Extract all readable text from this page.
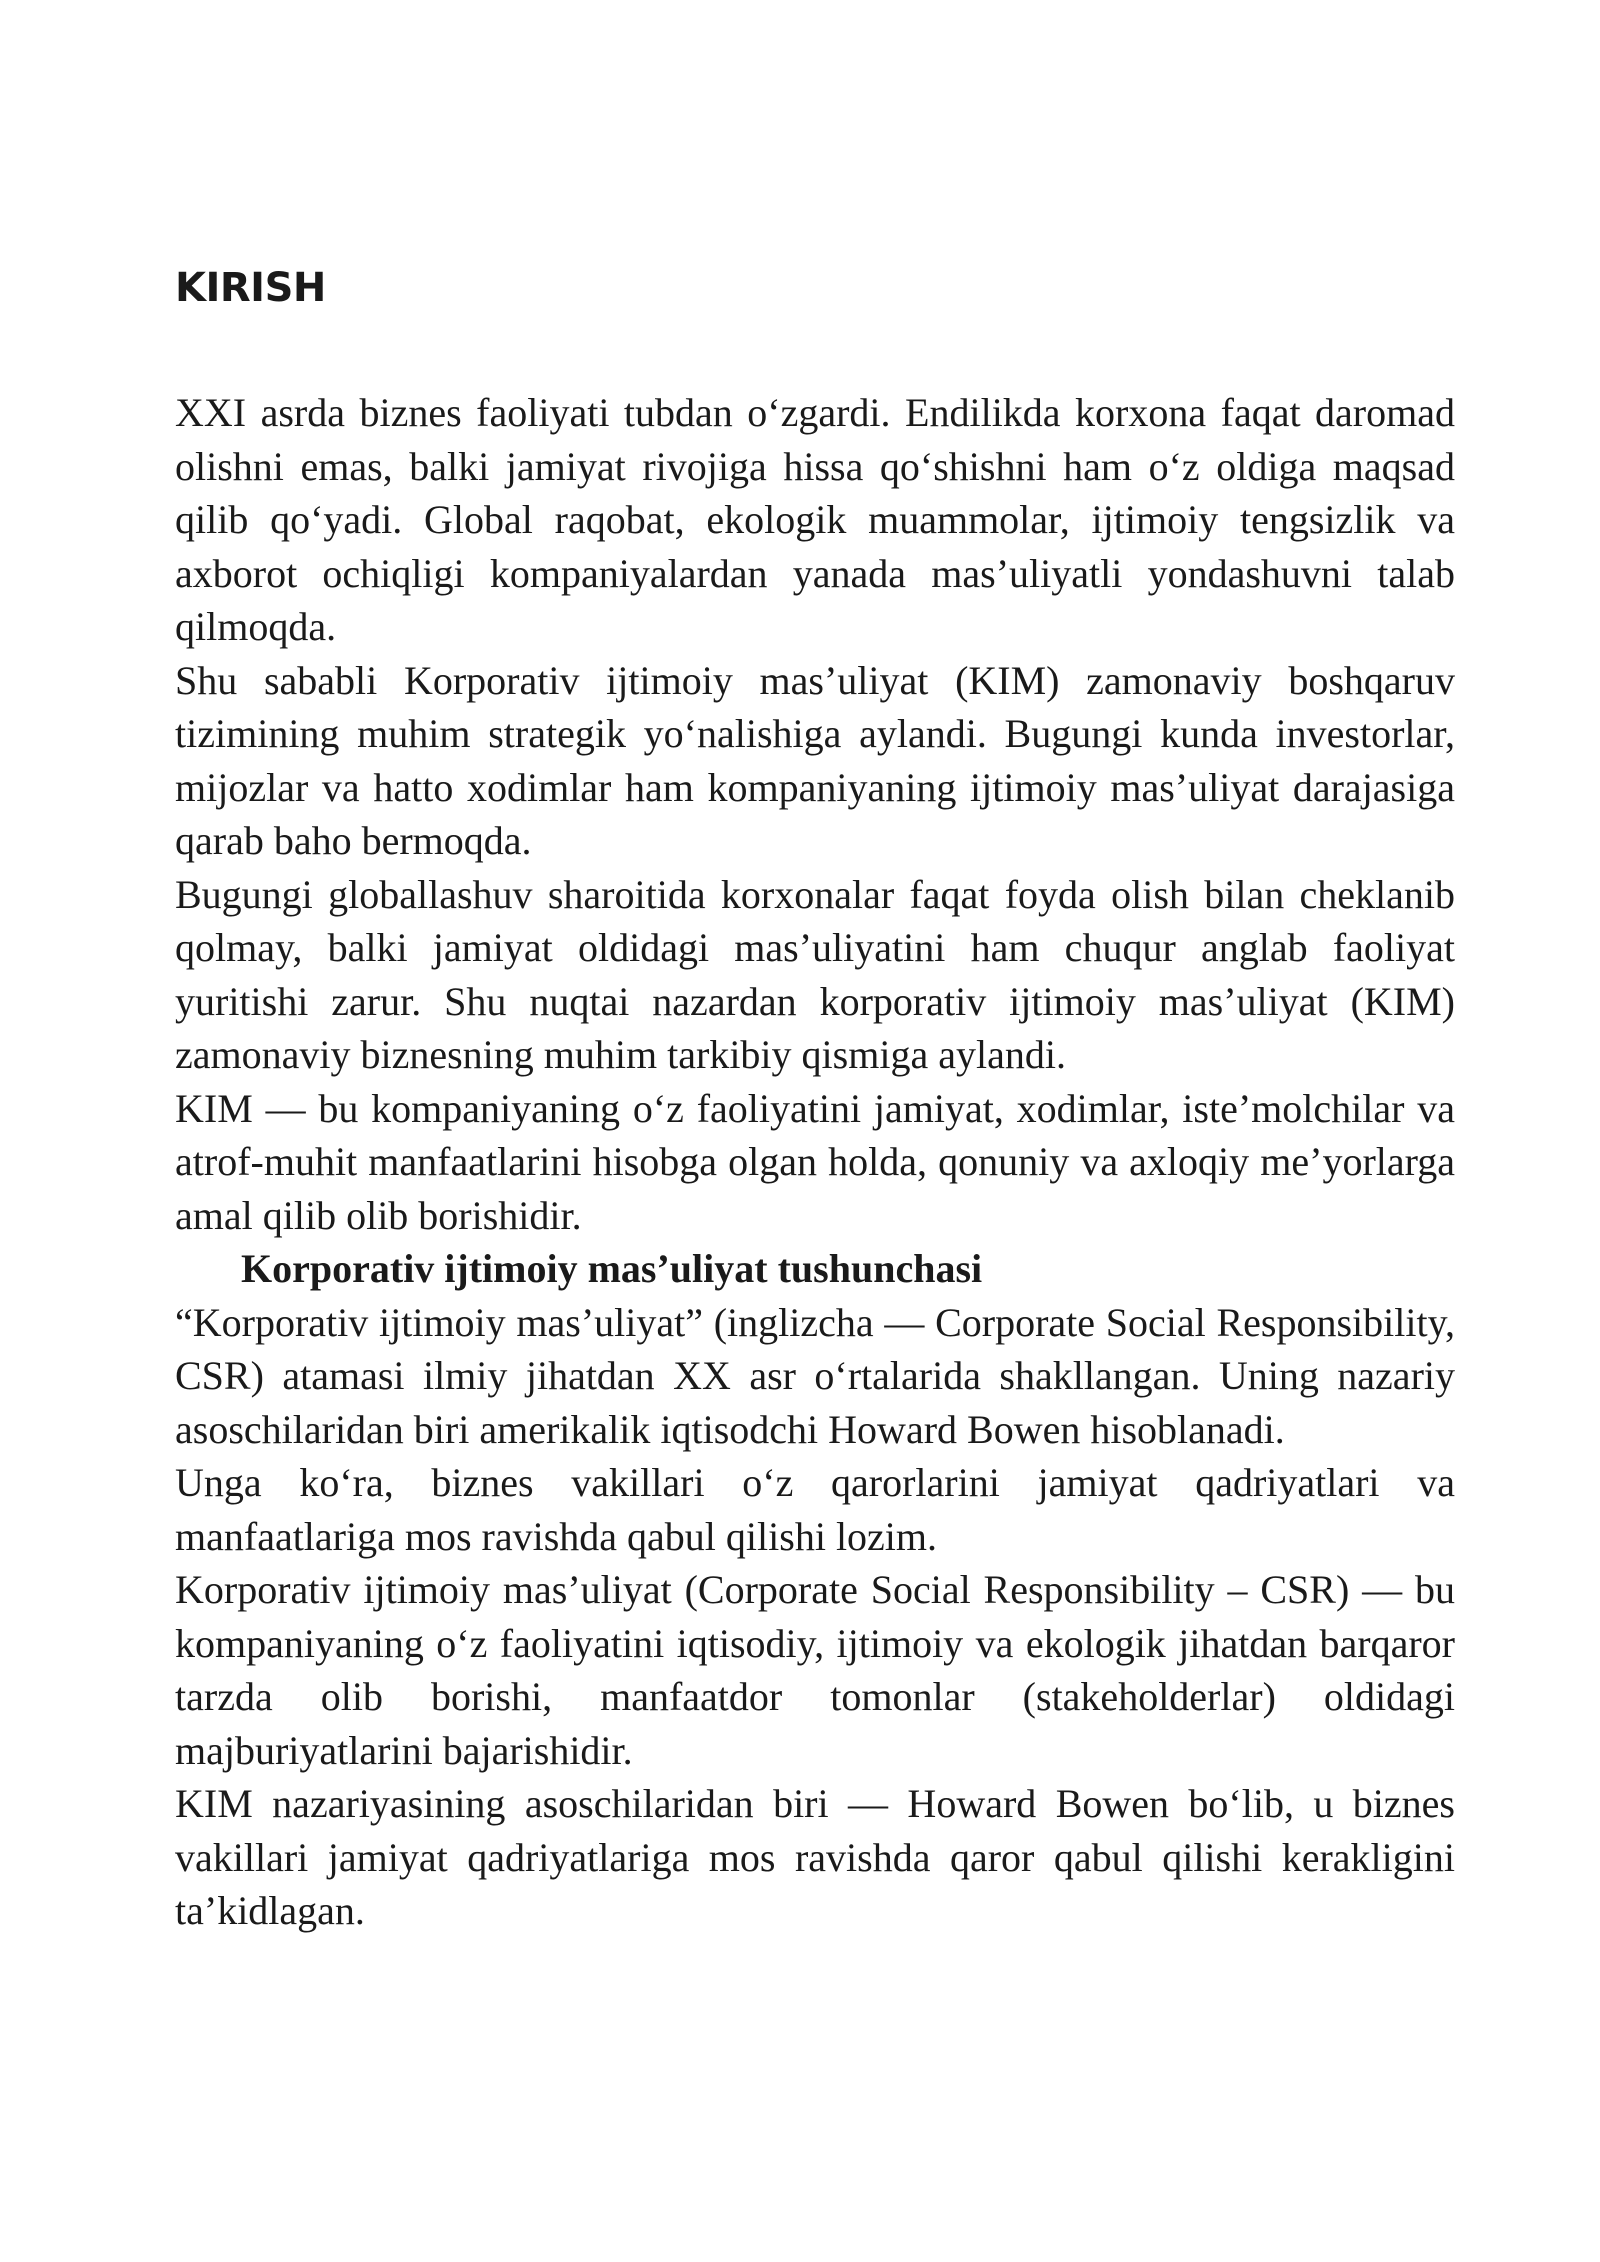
KIRISH

XXI asrda biznes faoliyati tubdan o‘zgardi. Endilikda korxona faqat daromad olishni emas, balki jamiyat rivojiga hissa qo‘shishni ham o‘z oldiga maqsad qilib qo‘yadi. Global raqobat, ekologik muammolar, ijtimoiy tengsizlik va axborot ochiqligi kompaniyalardan yanada mas’uliyatli yondashuvni talab qilmoqda.

Shu sababli Korporativ ijtimoiy mas’uliyat (KIM) zamonaviy boshqaruv tizimining muhim strategik yo‘nalishiga aylandi. Bugungi kunda investorlar, mijozlar va hatto xodimlar ham kompaniyaning ijtimoiy mas’uliyat darajasiga qarab baho bermoqda.

Bugungi globallashuv sharoitida korxonalar faqat foyda olish bilan cheklanib qolmay, balki jamiyat oldidagi mas’uliyatini ham chuqur anglab faoliyat yuritishi zarur. Shu nuqtai nazardan korporativ ijtimoiy mas’uliyat (KIM) zamonaviy biznesning muhim tarkibiy qismiga aylandi.

KIM — bu kompaniyaning o‘z faoliyatini jamiyat, xodimlar, iste’molchilar va atrof-muhit manfaatlarini hisobga olgan holda, qonuniy va axloqiy me’yorlarga amal qilib olib borishidir.

Korporativ ijtimoiy mas’uliyat tushunchasi

“Korporativ ijtimoiy mas’uliyat” (inglizcha — Corporate Social Responsibility, CSR) atamasi ilmiy jihatdan XX asr o‘rtalarida shakllangan. Uning nazariy asoschilaridan biri amerikalik iqtisodchi Howard Bowen hisoblanadi.

Unga ko‘ra, biznes vakillari o‘z qarorlarini jamiyat qadriyatlari va manfaatlariga mos ravishda qabul qilishi lozim.

Korporativ ijtimoiy mas’uliyat (Corporate Social Responsibility – CSR) — bu kompaniyaning o‘z faoliyatini iqtisodiy, ijtimoiy va ekologik jihatdan barqaror tarzda olib borishi, manfaatdor tomonlar (stakeholderlar) oldidagi majburiyatlarini bajarishidir.

KIM nazariyasining asoschilaridan biri — Howard Bowen bo‘lib, u biznes vakillari jamiyat qadriyatlariga mos ravishda qaror qabul qilishi kerakligini ta’kidlagan.
